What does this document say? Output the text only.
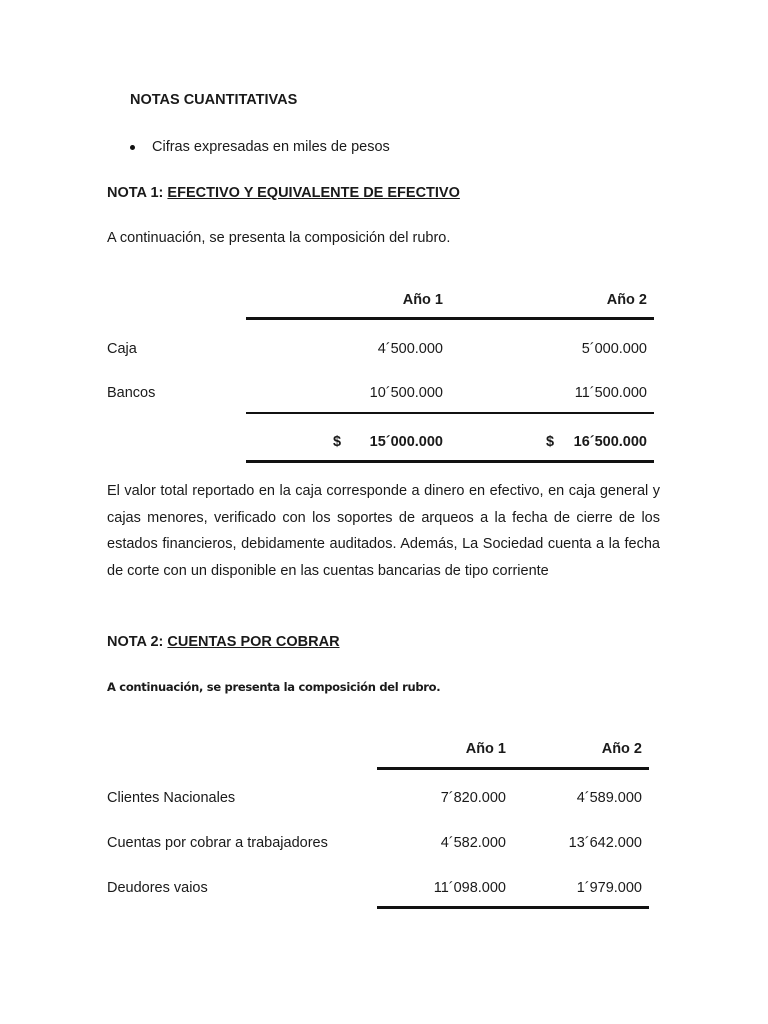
NOTAS CUANTITATIVAS
Cifras expresadas en miles de pesos
NOTA 1: EFECTIVO Y EQUIVALENTE DE EFECTIVO
A continuación, se presenta la composición del rubro.
Año 1	Año 2
Caja	4´500.000	5´000.000
Bancos	10´500.000	11´500.000
$	15´000.000	$	16´500.000
El valor total reportado en la caja corresponde a dinero en efectivo, en caja general y cajas menores, verificado con los soportes de arqueos a la fecha de cierre de los estados financieros, debidamente auditados. Además, La Sociedad cuenta a la fecha de corte con un disponible en las cuentas bancarias de tipo corriente
NOTA 2: CUENTAS POR COBRAR
A continuación, se presenta la composición del rubro.
Año 1	Año 2
Clientes Nacionales	7´820.000	4´589.000
Cuentas por cobrar a trabajadores	4´582.000	13´642.000
Deudores vaios	11´098.000	1´979.000
